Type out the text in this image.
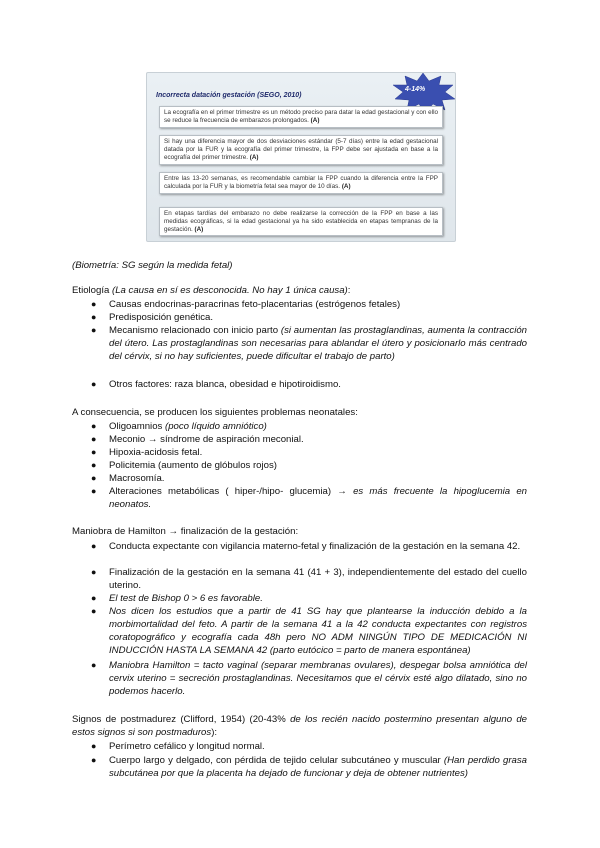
Incorrecta datación gestación (SEGO, 2010)
4-14%
La ecografía en el primer trimestre es un método preciso para datar la edad gestacional y con ello se reduce la frecuencia de embarazos prolongados. (A)
Si hay una diferencia mayor de dos desviaciones estándar (5-7 días) entre la edad gestacional datada por la FUR y la ecografía del primer trimestre, la FPP debe ser ajustada en base a la ecografía del primer trimestre. (A)
Entre las 13-20 semanas, es recomendable cambiar la FPP cuando la diferencia entre la FPP calculada por la FUR y la biometría fetal sea mayor de 10 días. (A)
En etapas tardías del embarazo no debe realizarse la corrección de la FPP en base a las medidas ecográficas, si la edad gestacional ya ha sido establecida en etapas tempranas de la gestación. (A)
(Biometría: SG según la medida fetal)
Etiología (La causa en sí es desconocida. No hay 1 única causa):
● Causas endocrinas-paracrinas feto-placentarias (estrógenos fetales)
● Predisposición genética.
● Mecanismo relacionado con inicio parto (si aumentan las prostaglandinas, aumenta la contracción del útero. Las prostaglandinas son necesarias para ablandar el útero y posicionarlo más centrado del cérvix, si no hay suficientes, puede dificultar el trabajo de parto)
● Otros factores: raza blanca, obesidad e hipotiroidismo.
A consecuencia, se producen los siguientes problemas neonatales:
● Oligoamnios (poco líquido amniótico)
● Meconio → síndrome de aspiración meconial.
● Hipoxia-acidosis fetal.
● Policitemia (aumento de glóbulos rojos)
● Macrosomía.
● Alteraciones metabólicas ( hiper-/hipo- glucemia) → es más frecuente la hipoglucemia en neonatos.
Maniobra de Hamilton → finalización de la gestación:
● Conducta expectante con vigilancia materno-fetal y finalización de la gestación en la semana 42.
● Finalización de la gestación en la semana 41 (41 + 3), independientemente del estado del cuello uterino.
● El test de Bishop 0 > 6 es favorable.
● Nos dicen los estudios que a partir de 41 SG hay que plantearse la inducción debido a la morbimortalidad del feto. A partir de la semana 41 a la 42 conducta expectantes con registros coratopográfico y ecografía cada 48h pero NO ADM NINGÚN TIPO DE MEDICACIÓN NI INDUCCIÓN HASTA LA SEMANA 42 (parto eutócico = parto de manera espontánea)
● Maniobra Hamilton = tacto vaginal (separar membranas ovulares), despegar bolsa amniótica del cervix uterino = secreción prostaglandinas. Necesitamos que el cérvix esté algo dilatado, sino no podemos hacerlo.
Signos de postmadurez (Clifford, 1954) (20-43% de los recién nacido postermino presentan alguno de estos signos si son postmaduros):
● Perímetro cefálico y longitud normal.
● Cuerpo largo y delgado, con pérdida de tejido celular subcutáneo y muscular (Han perdido grasa subcutánea por que la placenta ha dejado de funcionar y deja de obtener nutrientes)
